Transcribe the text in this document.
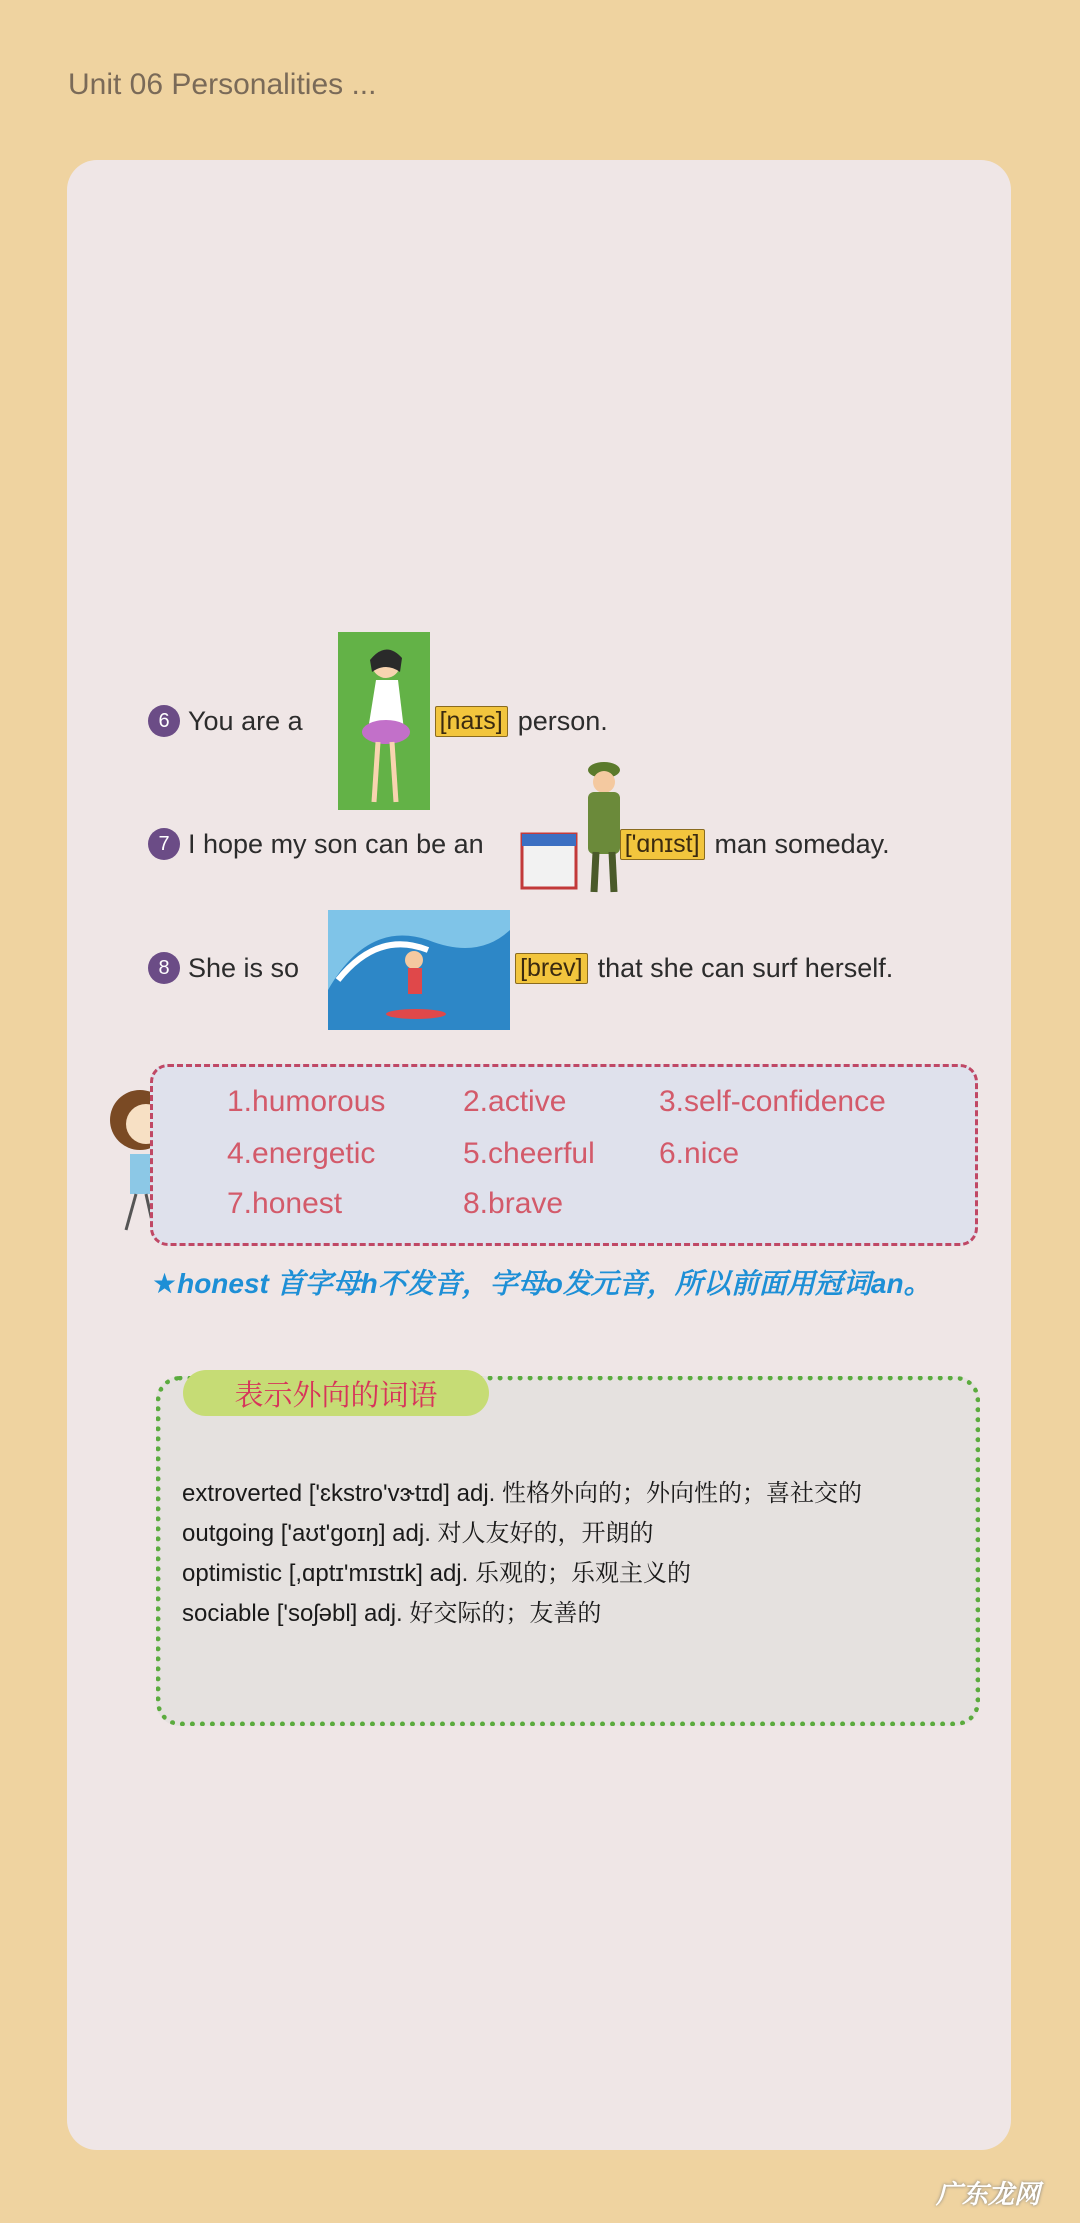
Unit 06 Personalities ...
6 You are a	[naɪs] person.
7 I hope my son can be an	['ɑnɪst] man someday.
8 She is so	[brev] that she can surf herself.
1.humorous	2.active	3.self-confidence
4.energetic	5.cheerful 6.nice
7.honest	8.brave
★honest 首字母h不发音，字母o发元音，所以前面用冠词an。
表示外向的词语
extroverted ['ɛkstro'vɝtɪd] adj. 性格外向的；外向性的；喜社交的
outgoing ['aʊt'goɪŋ] adj. 对人友好的，开朗的
optimistic [,ɑptɪ'mɪstɪk] adj. 乐观的；乐观主义的
sociable ['soʃəbl] adj. 好交际的；友善的
广东龙网
